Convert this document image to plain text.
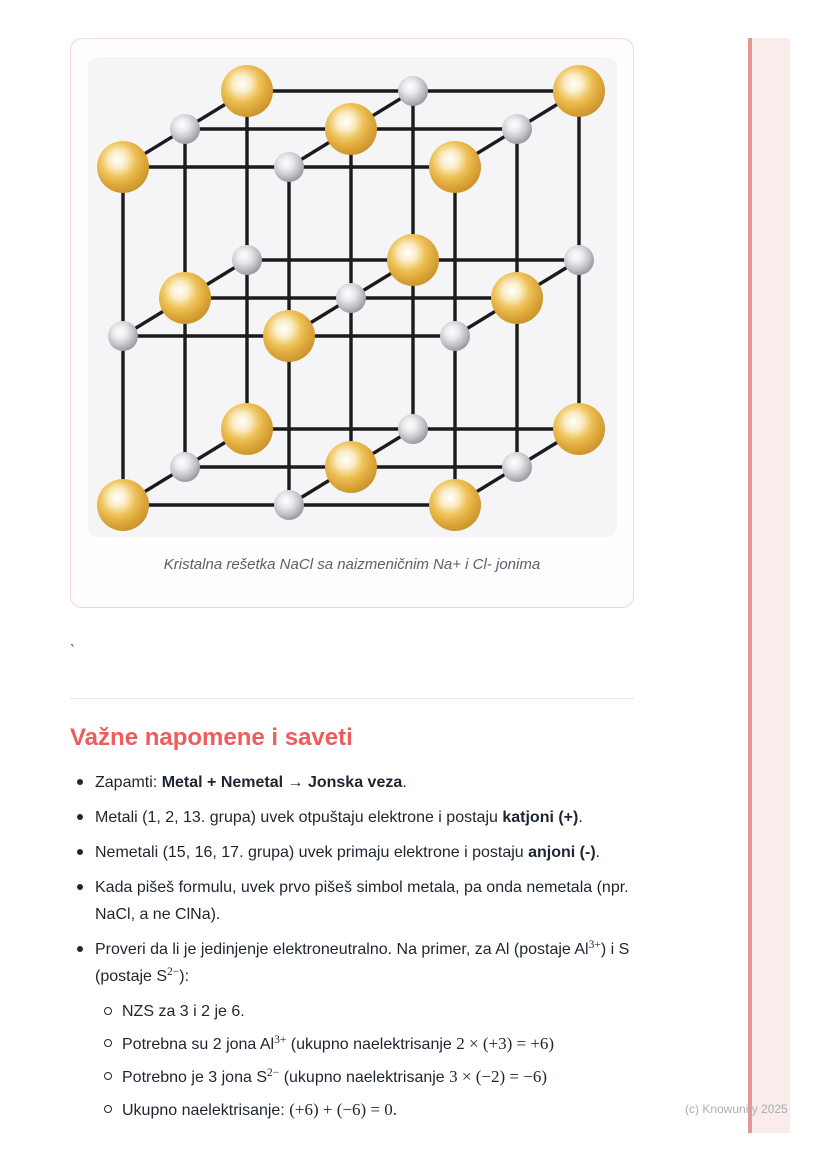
(c) Knowunity 2025
Kristalna rešetka NaCl sa naizmeničnim Na+ i Cl- jonima
`
Važne napomene i saveti
Zapamti: Metal + Nemetal → Jonska veza.
Metali (1, 2, 13. grupa) uvek otpuštaju elektrone i postaju katjoni (+).
Nemetali (15, 16, 17. grupa) uvek primaju elektrone i postaju anjoni (-).
Kada pišeš formulu, uvek prvo pišeš simbol metala, pa onda nemetala (npr. NaCl, a ne ClNa).
Proveri da li je jedinjenje elektroneutralno. Na primer, za Al (postaje $Al^{3+}$) i S (postaje $S^{2-}$):
NZS za 3 i 2 je 6.
Potrebna su 2 jona $Al^{3+}$ (ukupno naelektrisanje 2 × (+3) = +6)
Potrebno je 3 jona $S^{2-}$ (ukupno naelektrisanje 3 × (−2) = −6)
Ukupno naelektrisanje: (+6) + (−6) = 0.
